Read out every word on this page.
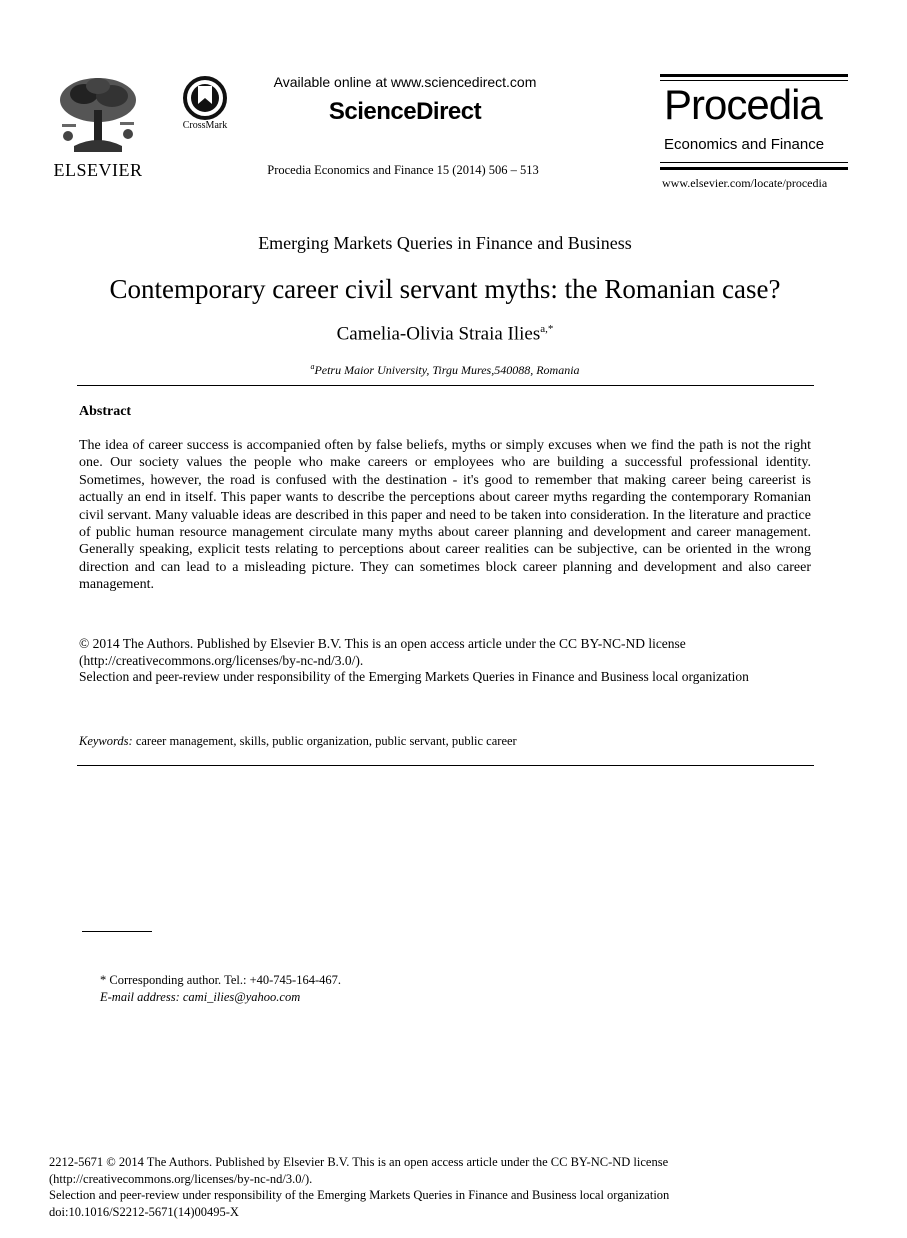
ELSEVIER
CrossMark
Available online at www.sciencedirect.com
ScienceDirect
Procedia Economics and Finance 15 (2014) 506 – 513
Procedia
Economics and Finance
www.elsevier.com/locate/procedia
Emerging Markets Queries in Finance and Business
Contemporary career civil servant myths: the Romanian case?
Camelia-Olivia Straia Ilies$^{a,*}$
$^a$Petru Maior University, Tirgu Mures,540088, Romania
Abstract

The idea of career success is accompanied often by false beliefs, myths or simply excuses when we find the path is not the right one. Our society values the people who make careers or employees who are building a successful professional identity. Sometimes, however, the road is confused with the destination - it's good to remember that making career being careerist is actually an end in itself. This paper wants to describe the perceptions about career myths regarding the contemporary Romanian civil servant. Many valuable ideas are described in this paper and need to be taken into consideration. In the literature and practice of public human resource management circulate many myths about career planning and development and career management. Generally speaking, explicit tests relating to perceptions about career realities can be subjective, can be oriented in the wrong direction and can lead to a misleading picture. They can sometimes block career planning and development and also career management.

© 2014 The Authors. Published by Elsevier B.V. This is an open access article under the CC BY-NC-ND license

(http://creativecommons.org/licenses/by-nc-nd/3.0/).

Selection and peer-review under responsibility of the Emerging Markets Queries in Finance and Business local organization

Keywords: career management, skills, public organization, public servant, public career

* Corresponding author. Tel.: +40-745-164-467.

E-mail address: cami_ilies@yahoo.com

2212-5671 © 2014 The Authors. Published by Elsevier B.V. This is an open access article under the CC BY-NC-ND license

(http://creativecommons.org/licenses/by-nc-nd/3.0/).

Selection and peer-review under responsibility of the Emerging Markets Queries in Finance and Business local organization

doi:10.1016/S2212-5671(14)00495-X
